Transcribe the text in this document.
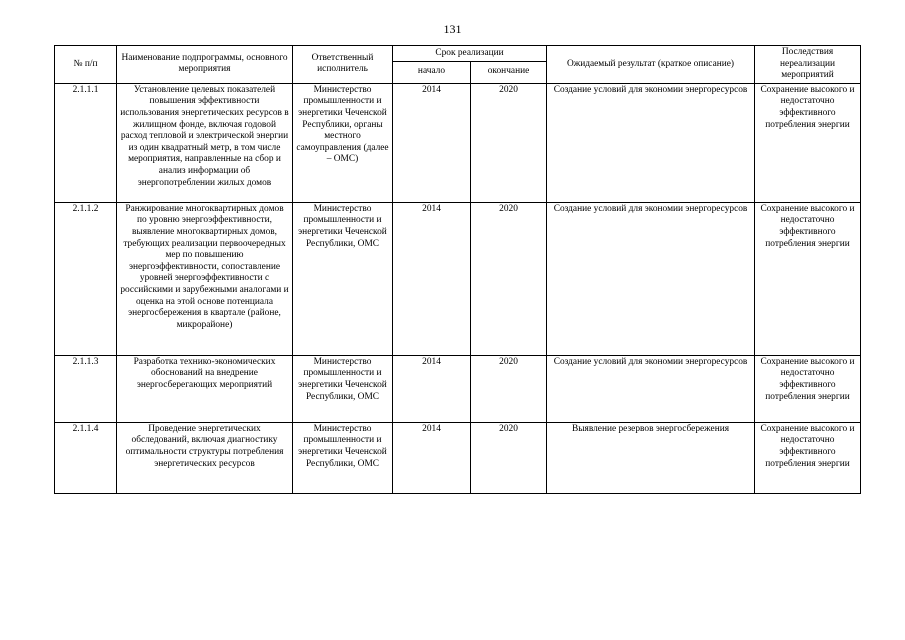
131
№ п/п	Наименование подпрограммы, основного мероприятия	Ответственный исполнитель	Срок реализации		Ожидаемый результат (краткое описание)	Последствия нереализации мероприятий
			начало	окончание		
2.1.1.1	Установление целевых показателей повышения эффективности использования энергетических ресурсов в жилищном фонде, включая годовой расход тепловой и электрической энергии из один квадратный метр, в том числе мероприятия, направленные на сбор и анализ информации об энергопотреблении жилых домов	Министерство промышленности и энергетики Чеченской Республики, органы местного самоуправления (далее – ОМС)	2014	2020	Создание условий для экономии энергоресурсов	Сохранение высокого и недостаточно эффективного потребления энергии
2.1.1.2	Ранжирование многоквартирных домов по уровню энергоэффективности, выявление многоквартирных домов, требующих реализации первоочередных мер по повышению энергоэффективности, сопоставление уровней энергоэффективности с российскими и зарубежными аналогами и оценка на этой основе потенциала энергосбережения в квартале (районе, микрорайоне)	Министерство промышленности и энергетики Чеченской Республики, ОМС	2014	2020	Создание условий для экономии энергоресурсов	Сохранение высокого и недостаточно эффективного потребления энергии
2.1.1.3	Разработка технико-экономических обоснований на внедрение энергосберегающих мероприятий	Министерство промышленности и энергетики Чеченской Республики, ОМС	2014	2020	Создание условий для экономии энергоресурсов	Сохранение высокого и недостаточно эффективного потребления энергии
2.1.1.4	Проведение энергетических обследований, включая диагностику оптимальности структуры потребления энергетических ресурсов	Министерство промышленности и энергетики Чеченской Республики, ОМС	2014	2020	Выявление резервов энергосбережения	Сохранение высокого и недостаточно эффективного потребления энергии
